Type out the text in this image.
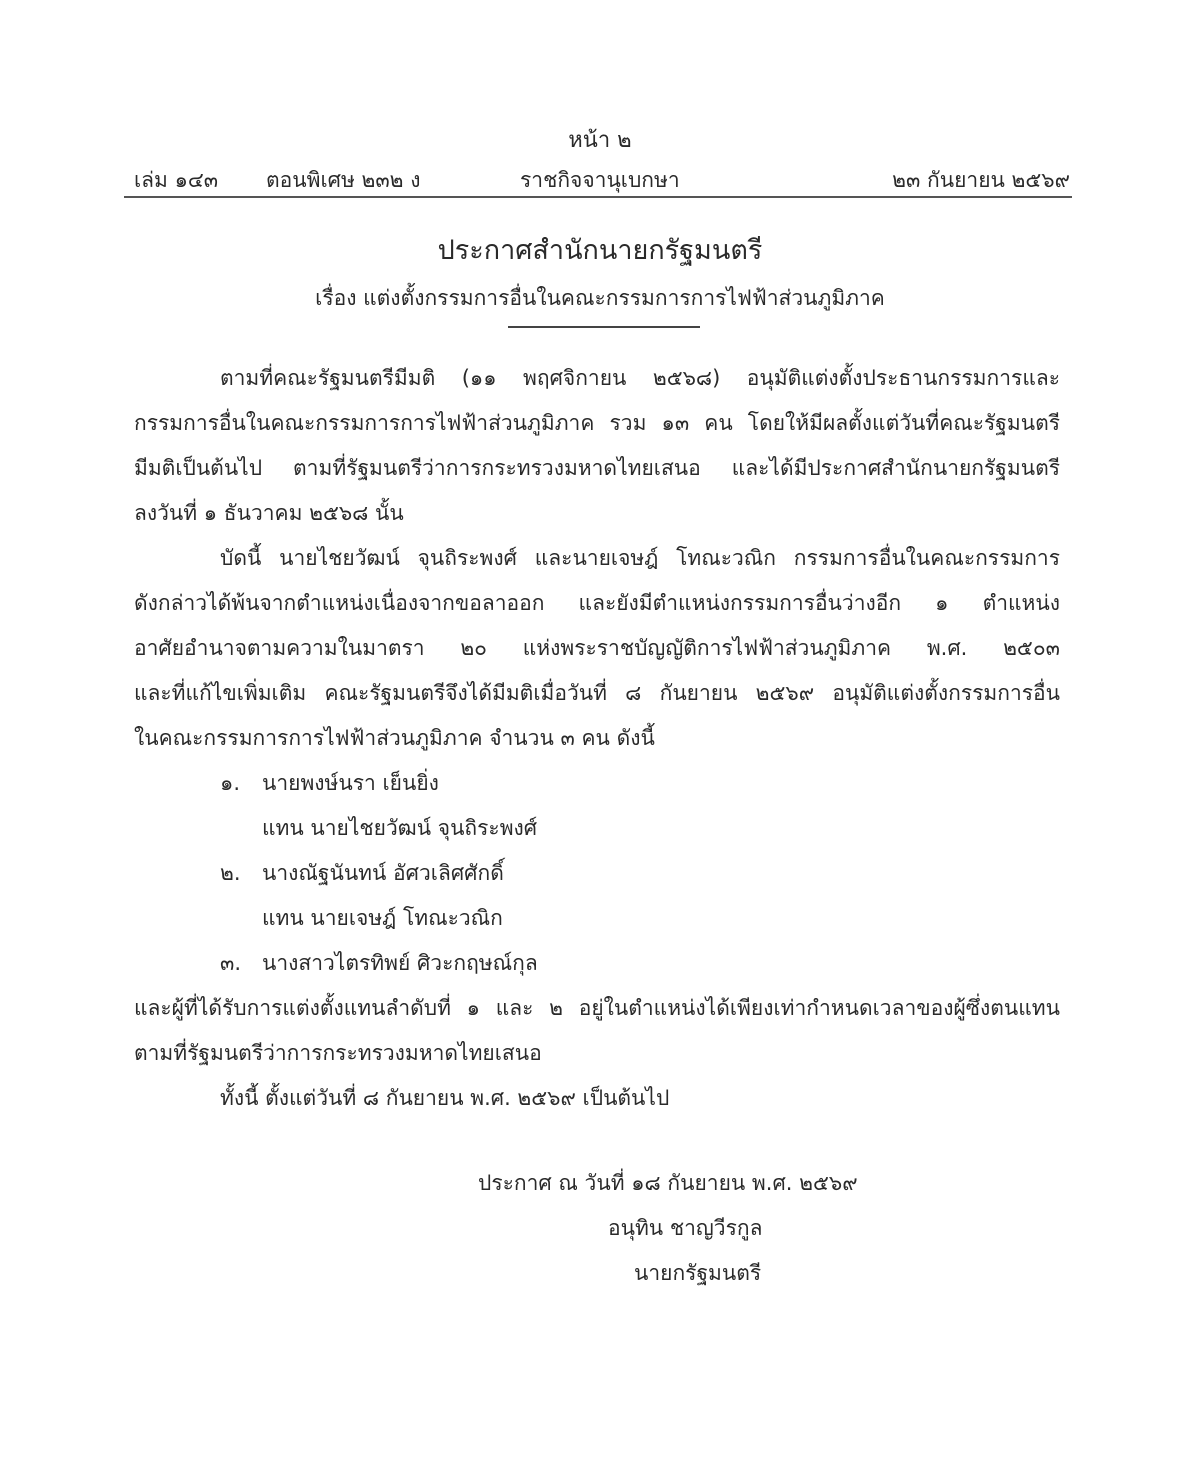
หน้า ๒
เล่ม ๑๔๓ ตอนพิเศษ ๒๓๒ ง	ราชกิจจานุเบกษา	๒๓ กันยายน ๒๕๖๙
ประกาศสำนักนายกรัฐมนตรี
เรื่อง แต่งตั้งกรรมการอื่นในคณะกรรมการการไฟฟ้าส่วนภูมิภาค
ตามที่คณะรัฐมนตรีมีมติ (๑๑ พฤศจิกายน ๒๕๖๘) อนุมัติแต่งตั้งประธานกรรมการและ
กรรมการอื่นในคณะกรรมการการไฟฟ้าส่วนภูมิภาค รวม ๑๓ คน โดยให้มีผลตั้งแต่วันที่คณะรัฐมนตรี
มีมติเป็นต้นไป ตามที่รัฐมนตรีว่าการกระทรวงมหาดไทยเสนอ และได้มีประกาศสำนักนายกรัฐมนตรี
ลงวันที่ ๑ ธันวาคม ๒๕๖๘ นั้น
บัดนี้ นายไชยวัฒน์ จุนถิระพงศ์ และนายเจษฎ์ โทณะวณิก กรรมการอื่นในคณะกรรมการ
ดังกล่าวได้พ้นจากตำแหน่งเนื่องจากขอลาออก และยังมีตำแหน่งกรรมการอื่นว่างอีก ๑ ตำแหน่ง
อาศัยอำนาจตามความในมาตรา ๒๐ แห่งพระราชบัญญัติการไฟฟ้าส่วนภูมิภาค พ.ศ. ๒๕๐๓
และที่แก้ไขเพิ่มเติม คณะรัฐมนตรีจึงได้มีมติเมื่อวันที่ ๘ กันยายน ๒๕๖๙ อนุมัติแต่งตั้งกรรมการอื่น
ในคณะกรรมการการไฟฟ้าส่วนภูมิภาค จำนวน ๓ คน ดังนี้
๑. นายพงษ์นรา เย็นยิ่ง
แทน นายไชยวัฒน์ จุนถิระพงศ์
๒. นางณัฐนันทน์ อัศวเลิศศักดิ์
แทน นายเจษฎ์ โทณะวณิก
๓. นางสาวไตรทิพย์ ศิวะกฤษณ์กุล
และผู้ที่ได้รับการแต่งตั้งแทนลำดับที่ ๑ และ ๒ อยู่ในตำแหน่งได้เพียงเท่ากำหนดเวลาของผู้ซึ่งตนแทน
ตามที่รัฐมนตรีว่าการกระทรวงมหาดไทยเสนอ
ทั้งนี้ ตั้งแต่วันที่ ๘ กันยายน พ.ศ. ๒๕๖๙ เป็นต้นไป
ประกาศ ณ วันที่ ๑๘ กันยายน พ.ศ. ๒๕๖๙
อนุทิน ชาญวีรกูล
นายกรัฐมนตรี
